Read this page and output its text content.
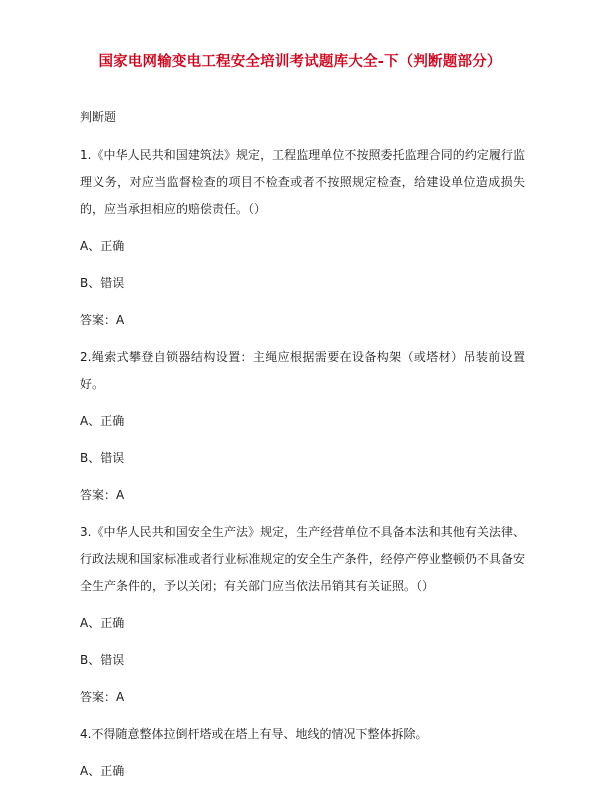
国家电网输变电工程安全培训考试题库大全-下（判断题部分）
判断题

1.《中华人民共和国建筑法》规定，工程监理单位不按照委托监理合同的约定履行监理义务，对应当监督检查的项目不检查或者不按照规定检查，给建设单位造成损失的，应当承担相应的赔偿责任。（）

A、正确
B、错误
答案：A

2.绳索式攀登自锁器结构设置：主绳应根据需要在设备构架（或塔材）吊装前设置好。

A、正确
B、错误
答案：A

3.《中华人民共和国安全生产法》规定，生产经营单位不具备本法和其他有关法律、行政法规和国家标准或者行业标准规定的安全生产条件，经停产停业整顿仍不具备安全生产条件的，予以关闭；有关部门应当依法吊销其有关证照。（）

A、正确
B、错误
答案：A

4.不得随意整体拉倒杆塔或在塔上有导、地线的情况下整体拆除。

A、正确
